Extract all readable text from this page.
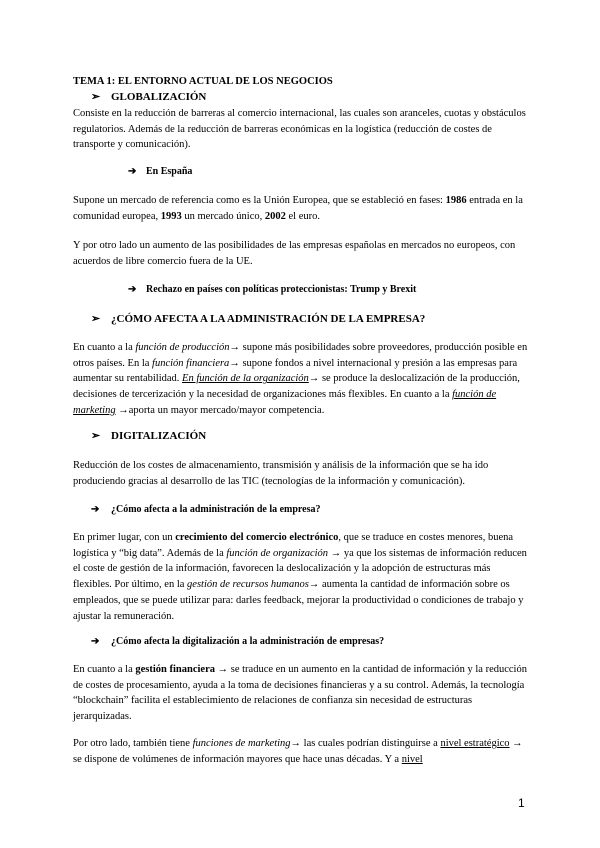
TEMA 1: EL ENTORNO ACTUAL DE LOS NEGOCIOS
➢ GLOBALIZACIÓN

Consiste en la reducción de barreras al comercio internacional, las cuales son aranceles, cuotas y obstáculos regulatorios. Además de la reducción de barreras económicas en la logística (reducción de costes de transporte y comunicación).

➔ En España

Supone un mercado de referencia como es la Unión Europea, que se estableció en fases: 1986 entrada en la comunidad europea, 1993 un mercado único, 2002 el euro.

Y por otro lado un aumento de las posibilidades de las empresas españolas en mercados no europeos, con acuerdos de libre comercio fuera de la UE.

➔ Rechazo en países con políticas proteccionistas: Trump y Brexit
➢ ¿CÓMO AFECTA A LA ADMINISTRACIÓN DE LA EMPRESA?

En cuanto a la función de producción→ supone más posibilidades sobre proveedores, producción posible en otros países. En la función financiera→ supone fondos a nivel internacional y presión a las empresas para aumentar su rentabilidad. En función de la organización→ se produce la deslocalización de la producción, decisiones de tercerización y la necesidad de organizaciones más flexibles. En cuanto a la función de marketing →aporta un mayor mercado/mayor competencia.

➢ DIGITALIZACIÓN

Reducción de los costes de almacenamiento, transmisión y análisis de la información que se ha ido produciendo gracias al desarrollo de las TIC (tecnologías de la información y comunicación).

➔ ¿Cómo afecta a la administración de la empresa?

En primer lugar, con un crecimiento del comercio electrónico, que se traduce en costes menores, buena logística y “big data”. Además de la función de organización → ya que los sistemas de información reducen el coste de gestión de la información, favorecen la deslocalización y la adopción de estructuras más flexibles. Por último, en la gestión de recursos humanos→ aumenta la cantidad de información sobre os empleados, que se puede utilizar para: darles feedback, mejorar la productividad o condiciones de trabajo y ajustar la remuneración.

➔ ¿Cómo afecta la digitalización a la administración de empresas?

En cuanto a la gestión financiera → se traduce en un aumento en la cantidad de información y la reducción de costes de procesamiento, ayuda a la toma de decisiones financieras y a su control. Además, la tecnología “blockchain” facilita el establecimiento de relaciones de confianza sin necesidad de estructuras jerarquizadas.

Por otro lado, también tiene funciones de marketing→ las cuales podrían distinguirse a nivel estratégico → se dispone de volúmenes de información mayores que hace unas décadas. Y a nivel

1
